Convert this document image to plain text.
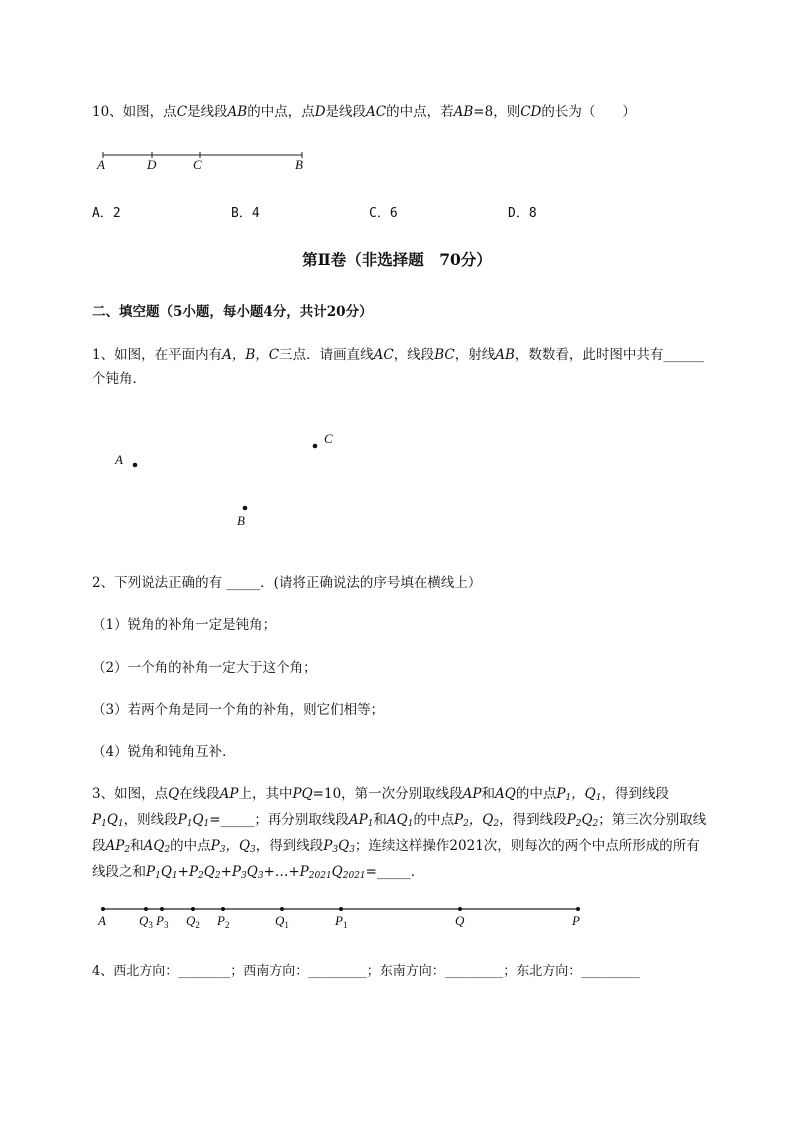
10、如图，点C是线段AB的中点，点D是线段AC的中点，若AB=8，则CD的长为（　　）
A	D	C	B
A．2	B．4	C．6	D．8
第Ⅱ卷（非选择题　70分）
二、填空题（5小题，每小题4分，共计20分）
1、如图，在平面内有A，B，C三点．请画直线AC，线段BC，射线AB，数数看，此时图中共有______
个钝角．
A
B
C
2、下列说法正确的有 _____．(请将正确说法的序号填在横线上）
（1）锐角的补角一定是钝角；
（2）一个角的补角一定大于这个角；
（3）若两个角是同一个角的补角，则它们相等；
（4）锐角和钝角互补．
3、如图，点Q在线段AP上，其中PQ=10，第一次分别取线段AP和AQ的中点$P_1$，$Q_1$，得到线段
$P_1Q_1$，则线段$P_1Q_1=\_\_\_\_\_$；再分别取线段$AP_1$和$AQ_1$的中点$P_2$，$Q_2$，得到线段$P_2Q_2$；第三次分别取线
段$AP_2$和$AQ_2$的中点$P_3$，$Q_3$，得到线段$P_3Q_3$；连续这样操作2021次，则每次的两个中点所形成的所有
线段之和$P_1Q_1+P_2Q_2+P_3Q_3+\dots+P_{2021}Q_{2021}=\_\_\_\_\_$．
A	$Q_3$ $P_3$ $Q_2$ $P_2$	$Q_1$	$P_1$	Q	P
4、西北方向：________；西南方向：_________；东南方向：_________；东北方向：_________
